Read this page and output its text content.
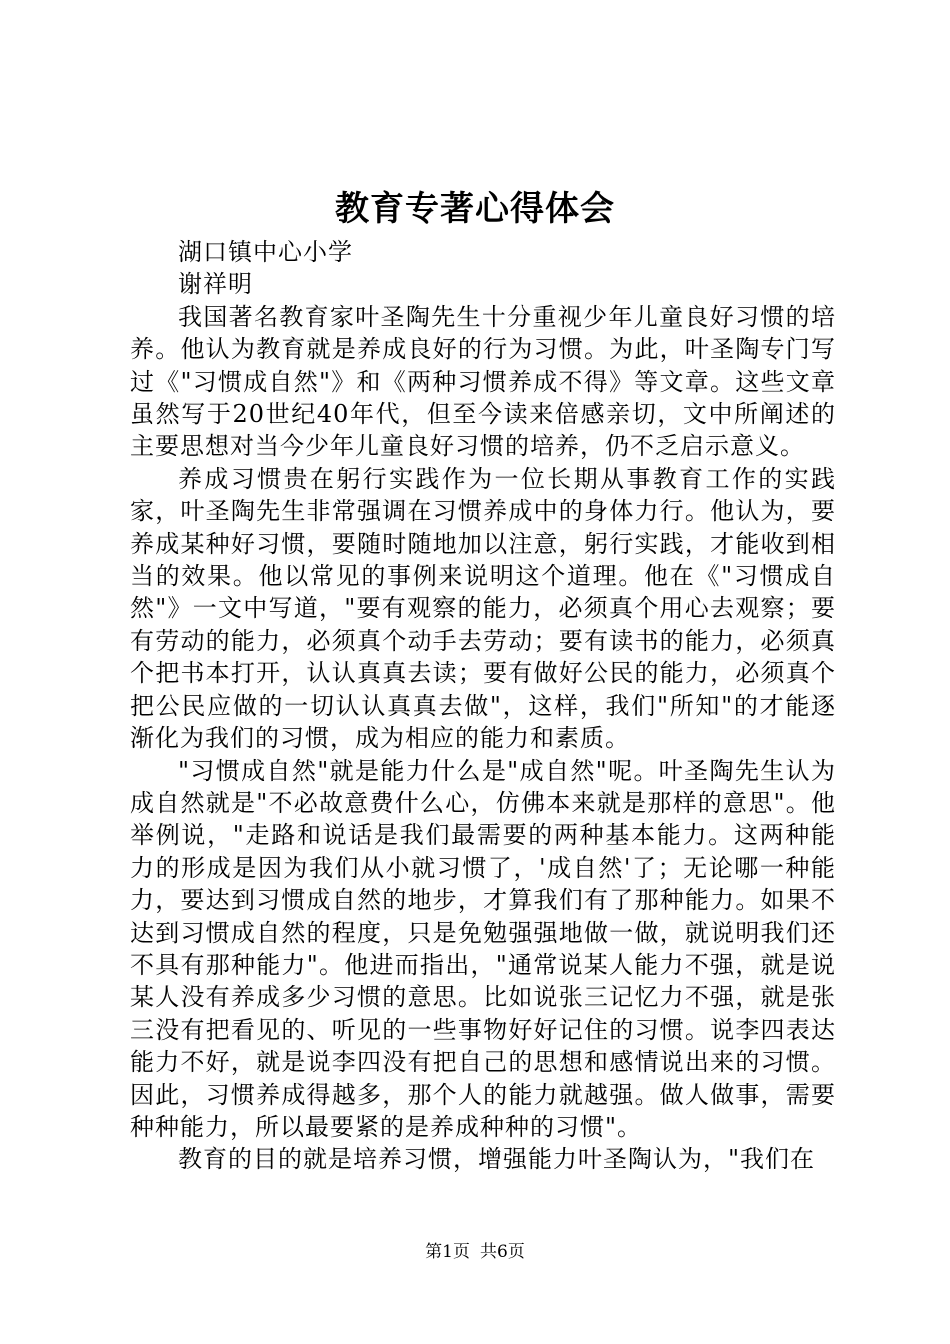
教育专著心得体会

湖口镇中心小学

谢祥明

我国著名教育家叶圣陶先生十分重视少年儿童良好习惯的培养。他认为教育就是养成良好的行为习惯。为此，叶圣陶专门写过《"习惯成自然"》和《两种习惯养成不得》等文章。这些文章虽然写于20世纪40年代，但至今读来倍感亲切，文中所阐述的主要思想对当今少年儿童良好习惯的培养，仍不乏启示意义。

养成习惯贵在躬行实践作为一位长期从事教育工作的实践家，叶圣陶先生非常强调在习惯养成中的身体力行。他认为，要养成某种好习惯，要随时随地加以注意，躬行实践，才能收到相当的效果。他以常见的事例来说明这个道理。他在《"习惯成自然"》一文中写道，"要有观察的能力，必须真个用心去观察；要有劳动的能力，必须真个动手去劳动；要有读书的能力，必须真个把书本打开，认认真真去读；要有做好公民的能力，必须真个把公民应做的一切认认真真去做"，这样，我们"所知"的才能逐渐化为我们的习惯，成为相应的能力和素质。

"习惯成自然"就是能力什么是"成自然"呢。叶圣陶先生认为成自然就是"不必故意费什么心，仿佛本来就是那样的意思"。他举例说，"走路和说话是我们最需要的两种基本能力。这两种能力的形成是因为我们从小就习惯了，'成自然'了；无论哪一种能力，要达到习惯成自然的地步，才算我们有了那种能力。如果不达到习惯成自然的程度，只是免勉强强地做一做，就说明我们还不具有那种能力"。他进而指出，"通常说某人能力不强，就是说某人没有养成多少习惯的意思。比如说张三记忆力不强，就是张三没有把看见的、听见的一些事物好好记住的习惯。说李四表达能力不好，就是说李四没有把自己的思想和感情说出来的习惯。因此，习惯养成得越多，那个人的能力就越强。做人做事，需要种种能力，所以最要紧的是养成种种的习惯"。

教育的目的就是培养习惯，增强能力叶圣陶认为，"我们在

第1页 共6页
